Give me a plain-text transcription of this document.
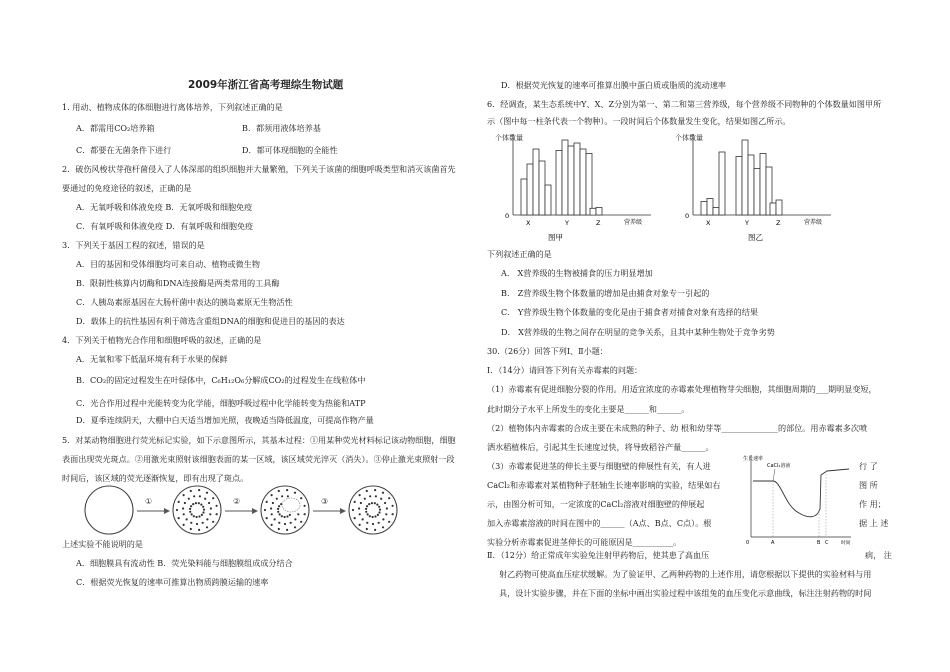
2009年浙江省高考理综生物试题
1. 用动、植物成体的体细胞进行离体培养，下列叙述正确的是
A．都需用CO₂培养箱	B．都须用液体培养基
C．都要在无菌条件下进行	D．都可体现细胞的全能性
2．破伤风梭状芽孢杆菌侵入了人体深部的组织细胞并大量繁殖，下列关于该菌的细胞呼吸类型和消灭该菌首先
要通过的免疫途径的叙述，正确的是
A．无氧呼吸和体液免疫 B．无氧呼吸和细胞免疫
C．有氧呼吸和体液免疫 D．有氧呼吸和细胞免疫
3．下列关于基因工程的叙述，错误的是
A．目的基因和受体细胞均可来自动、植物或微生物
B．限制性核算内切酶和DNA连接酶是两类常用的工具酶
C．人胰岛素原基因在大肠杆菌中表达的胰岛素原无生物活性
D．载体上的抗性基因有利于筛选含重组DNA的细胞和促进目的基因的表达
4．下列关于植物光合作用和细胞呼吸的叙述，正确的是
A．无氧和零下低温环境有利于水果的保鲜
B．CO₂的固定过程发生在叶绿体中，C₆H₁₂O₆分解成CO₂的过程发生在线粒体中
C．光合作用过程中光能转变为化学能，细胞呼吸过程中化学能转变为热能和ATP
D．夏季连续阴天，大棚中白天适当增加光照，夜晚适当降低温度，可提高作物产量
5．对某动物细胞进行荧光标记实验，如下示意图所示，其基本过程：①用某种荧光材料标记该动物细胞，细胞
表面出现荧光斑点。②用激光束照射该细胞表面的某一区域，该区域荧光淬灭（消失）。③停止激光束照射一段
时间后，该区域的荧光逐渐恢复，即有出现了斑点。
①	②	③
上述实验不能说明的是
A．细胞膜具有流动性 B．荧光染料能与细胞膜组成成分结合
C．根据荧光恢复的速率可推算出物质跨膜运输的速率
D．根据荧光恢复的速率可推算出膜中蛋白质或脂质的流动速率
6．经调查，某生态系统中Y、X、Z分别为第一、第二和第三营养级，每个营养级不同物种的个体数量如图甲所
示（图中每一柱条代表一个物种）。一段时间后个体数量发生变化，结果如图乙所示。
个体数量
0
营养级
X	Y	Z
图甲
个体数量
0
营养级
X	Y	Z
图乙
下列叙述正确的是
A． X营养级的生物被捕食的压力明显增加
B． Z营养级生物个体数量的增加是由捕食对象专一引起的
C． Y营养级生物个体数量的变化是由于捕食者对捕食对象有选择的结果
D． X营养级的生物之间存在明显的竞争关系，且其中某种生物处于竞争劣势
30.（26分）回答下列Ⅰ、Ⅱ小题：
Ⅰ．（14分）请回答下列有关赤霉素的问题：
（1）赤霉素有促进细胞分裂的作用。用适宜浓度的赤霉素处理植物芽尖细胞，其细胞周期的___期明显变短，
此时期分子水平上所发生的变化主要是______和______。
（2）植物体内赤霉素的合成主要在未成熟的种子、幼 根和幼芽等______________的部位。用赤霉素多次喷
洒水稻植株后，引起其生长速度过快，将导致稻谷产量______。
（3）赤霉素促进茎的伸长主要与细胞壁的伸展性有关，有人进
CaCl₂和赤霉素对某植物种子胚轴生长速率影响的实验，结果如右
示，由图分析可知，一定浓度的CaCl₂溶液对细胞壁的伸展起
加入赤霉素溶液的时间在图中的______（A点、B点、C点）。根
实验分析赤霉素促进茎伸长的可能原因是__________。
行 了
图 所
作 用；
据 上 述
生长速率
0	时间
CaCl₂溶液
A	B C
Ⅱ．（12分）给正常成年实验兔注射甲药物后，使其患了高血压	病， 注
射乙药物可使高血压症状缓解。为了验证甲、乙两种药物的上述作用，请您根据以下提供的实验材料与用
具，设计实验步骤，并在下面的坐标中画出实验过程中该组兔的血压变化示意曲线，标注注射药物的时间
